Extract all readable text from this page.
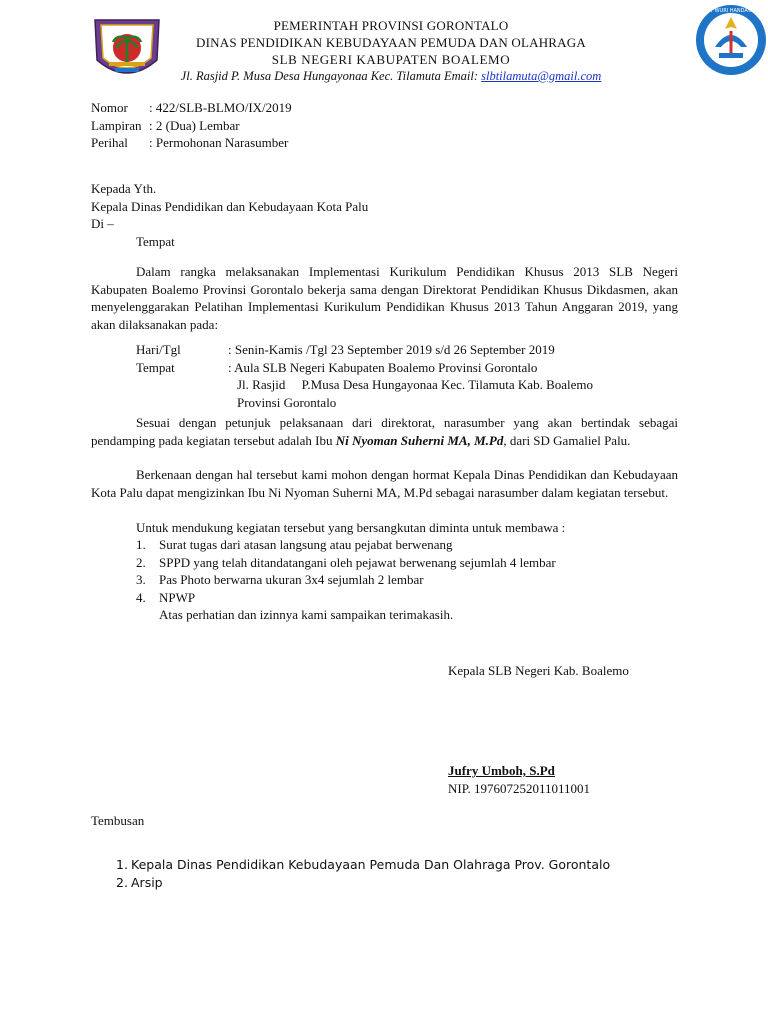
TUT WURI HANDAYANI
PEMERINTAH PROVINSI GORONTALO
DINAS PENDIDIKAN KEBUDAYAAN PEMUDA DAN OLAHRAGA
SLB NEGERI KABUPATEN BOALEMO
Jl. Rasjid P. Musa Desa Hungayonaa Kec. Tilamuta Email: slbtilamuta@gmail.com
Nomor : 422/SLB-BLMO/IX/2019
Lampiran : 2 (Dua) Lembar
Perihal : Permohonan Narasumber
Kepada Yth.
Kepala Dinas Pendidikan dan Kebudayaan Kota Palu
Di –
Tempat
Dalam rangka melaksanakan Implementasi Kurikulum Pendidikan Khusus 2013 SLB Negeri Kabupaten Boalemo Provinsi Gorontalo bekerja sama dengan Direktorat Pendidikan Khusus Dikdasmen, akan menyelenggarakan Pelatihan Implementasi Kurikulum Pendidikan Khusus 2013 Tahun Anggaran 2019, yang akan dilaksanakan pada:
Hari/Tgl	: Senin-Kamis /Tgl 23 September 2019 s/d 26 September 2019
Tempat	: Aula SLB Negeri Kabupaten Boalemo Provinsi Gorontalo
Jl. Rasjid     P.Musa Desa Hungayonaa Kec. Tilamuta Kab. Boalemo
Provinsi Gorontalo
Sesuai dengan petunjuk pelaksanaan dari direktorat, narasumber yang akan bertindak sebagai pendamping pada kegiatan tersebut adalah Ibu Ni Nyoman Suherni MA, M.Pd, dari SD Gamaliel Palu.
Berkenaan dengan hal tersebut kami mohon dengan hormat Kepala Dinas Pendidikan dan Kebudayaan Kota Palu dapat mengizinkan Ibu Ni Nyoman Suherni MA, M.Pd sebagai narasumber dalam kegiatan tersebut.
Untuk mendukung kegiatan tersebut yang bersangkutan diminta untuk membawa :
1. Surat tugas dari atasan langsung atau pejabat berwenang
2. SPPD yang telah ditandatangani oleh pejawat berwenang sejumlah 4 lembar
3. Pas Photo berwarna ukuran 3x4 sejumlah 2 lembar
4. NPWP
Atas perhatian dan izinnya kami sampaikan terimakasih.
Kepala SLB Negeri Kab. Boalemo
Jufry Umboh, S.Pd
NIP. 197607252011011001
Tembusan
1. Kepala Dinas Pendidikan Kebudayaan Pemuda Dan Olahraga Prov. Gorontalo
2. Arsip
